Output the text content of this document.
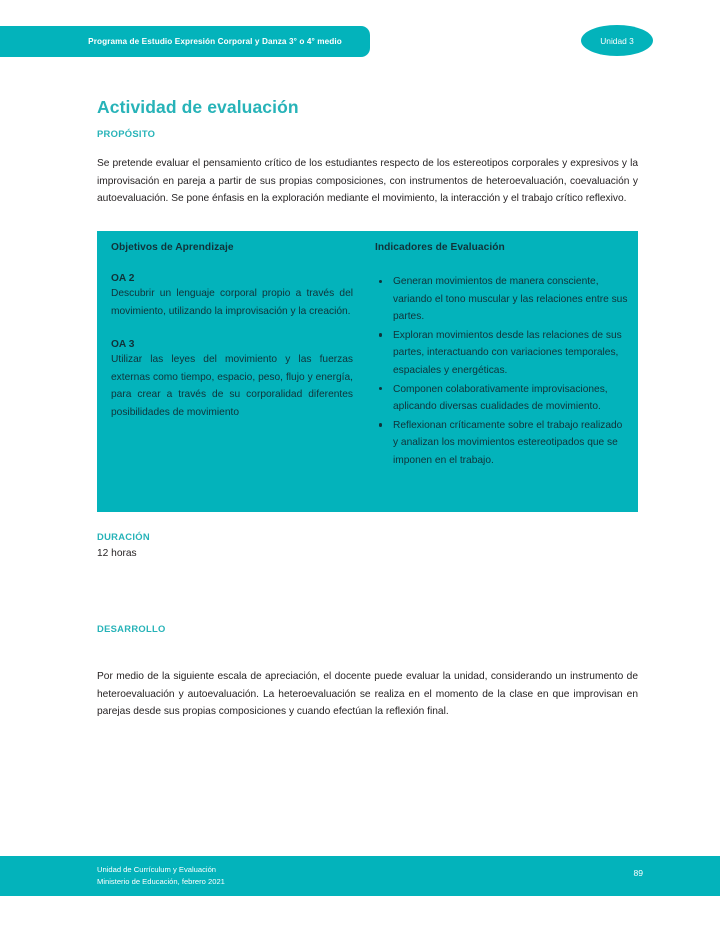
Programa de Estudio Expresión Corporal y Danza 3° o 4° medio	Unidad 3
Actividad de evaluación
PROPÓSITO

Se pretende evaluar el pensamiento crítico de los estudiantes respecto de los estereotipos corporales y expresivos y la improvisación en pareja a partir de sus propias composiciones, con instrumentos de heteroevaluación, coevaluación y autoevaluación. Se pone énfasis en la exploración mediante el movimiento, la interacción y el trabajo crítico reflexivo.

Objetivos de Aprendizaje
OA 2

Descubrir un lenguaje corporal propio a través del movimiento, utilizando la improvisación y la creación.

OA 3

Utilizar las leyes del movimiento y las fuerzas externas como tiempo, espacio, peso, flujo y energía, para crear a través de su corporalidad diferentes posibilidades de movimiento

Indicadores de Evaluación
Generan movimientos de manera consciente, variando el tono muscular y las relaciones entre sus partes.
Exploran movimientos desde las relaciones de sus partes, interactuando con variaciones temporales, espaciales y energéticas.
Componen colaborativamente improvisaciones, aplicando diversas cualidades de movimiento.
Reflexionan críticamente sobre el trabajo realizado y analizan los movimientos estereotipados que se imponen en el trabajo.
DURACIÓN
12 horas
DESARROLLO

Por medio de la siguiente escala de apreciación, el docente puede evaluar la unidad, considerando un instrumento de heteroevaluación y autoevaluación. La heteroevaluación se realiza en el momento de la clase en que improvisan en parejas desde sus propias composiciones y cuando efectúan la reflexión final.

Unidad de Currículum y Evaluación
Ministerio de Educación, febrero 2021
89
